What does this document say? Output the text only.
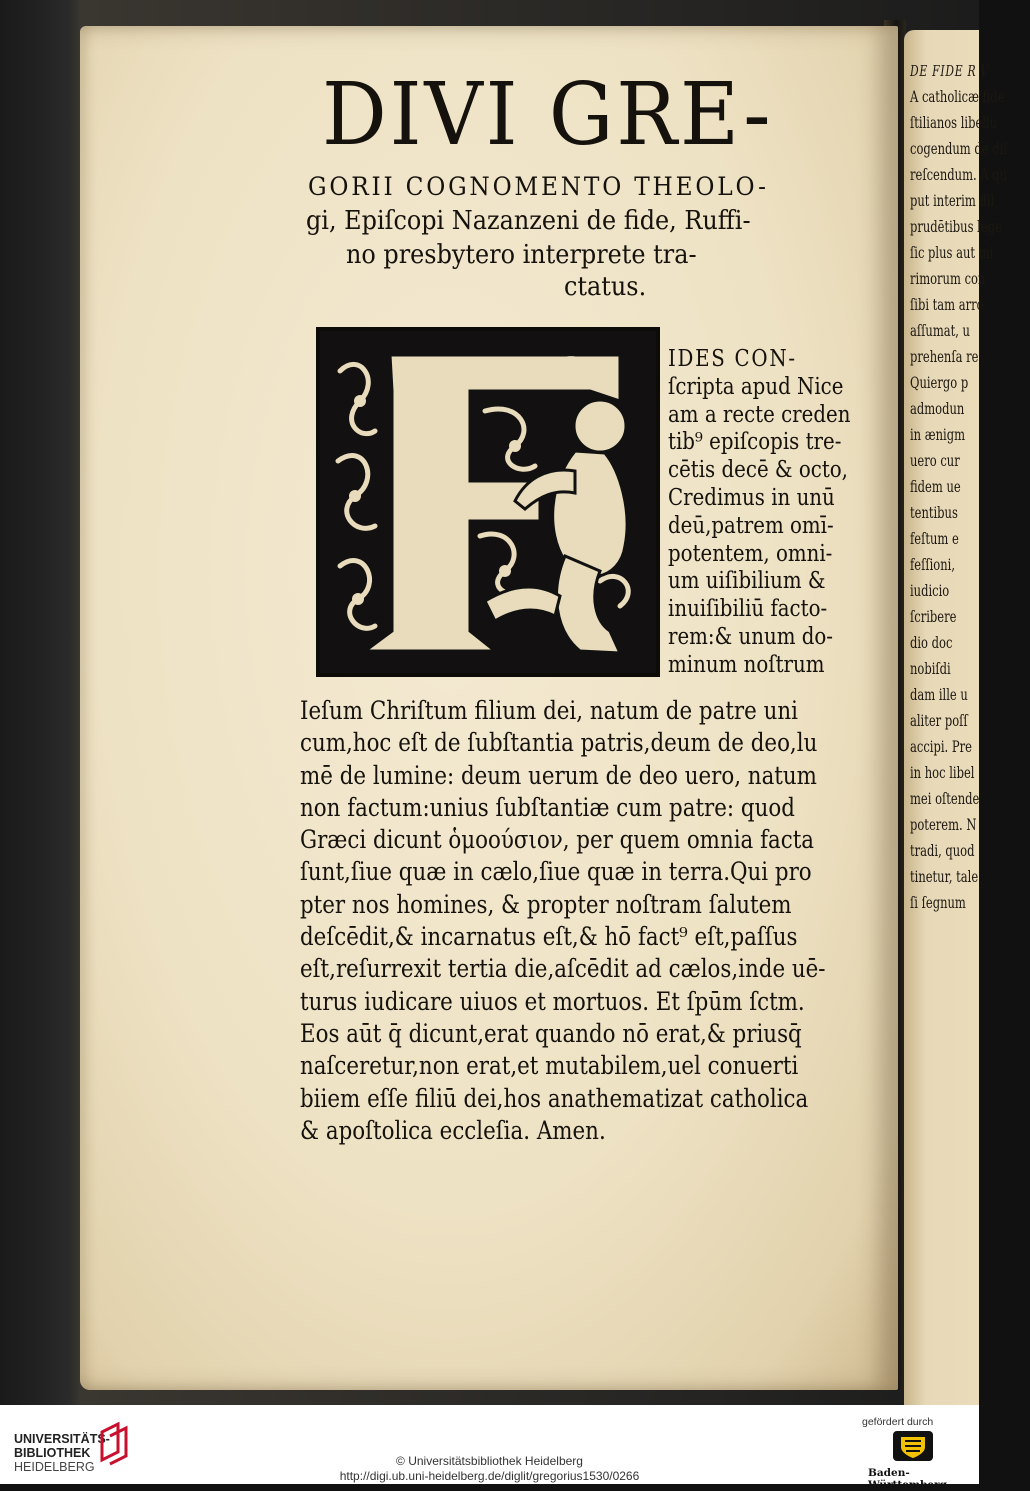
DE FIDE R V
A catholicæ fide
ſtilianos libellu
cogendum de diſ
reſcendum. A qu
put interim dil
prudētibus lege
ſic plus aut mi
rimorum con
ſibi tam arro
aſſumat, u
prehenſa re
Quiergo p
admodun
in ænigm
uero cur
fidem ue
tentibus
feſtum e
feſſioni,
iudicio
ſcribere
dio doc
nobiſdi
dam ille u
aliter poſſ
accipi. Pre
in hoc libel
mei oſtende
poterem. N
tradi, quod
tinetur, tale
ſi ſegnum
DIVI GRE-
GORII COGNOMENTO THEOLO-
gi, Epiſcopi Nazanzeni de fide, Ruffi-
no presbytero interprete tra-
ctatus.
IDES CON-
ſcripta apud Nice
am a recte creden
tib⁹ epiſcopis tre-
cētis decē & octo,
Credimus in unū
deū,patrem omī-
potentem, omni-
um uiſibilium &
inuiſibiliū facto-
rem:& unum do-
minum noſtrum
Ieſum Chriſtum filium dei, natum de patre uni
cum,hoc eſt de ſubſtantia patris,deum de deo,lu
mē de lumine: deum uerum de deo uero, natum
non factum:unius ſubſtantiæ cum patre: quod
Græci dicunt ὁμοούσιον, per quem omnia facta
ſunt,ſiue quæ in cælo,ſiue quæ in terra.Qui pro
pter nos homines, & propter noſtram ſalutem
deſcēdit,& incarnatus eſt,& hō fact⁹ eſt,paſſus
eſt,reſurrexit tertia die,aſcēdit ad cælos,inde uē-
turus iudicare uiuos et mortuos. Et ſpūm ſctm.
Eos aūt q̄ dicunt,erat quando nō erat,& priusq̄
naſceretur,non erat,et mutabilem,uel conuerti
biiem eſſe filiū dei,hos anathematizat catholica
& apoſtolica eccleſia. Amen.
UNIVERSITÄTS-
BIBLIOTHEK
HEIDELBERG	© Universitätsbibliothek Heidelberg
http://digi.ub.uni-heidelberg.de/diglit/gregorius1530/0266
gefördert durch
Baden-Württemberg
